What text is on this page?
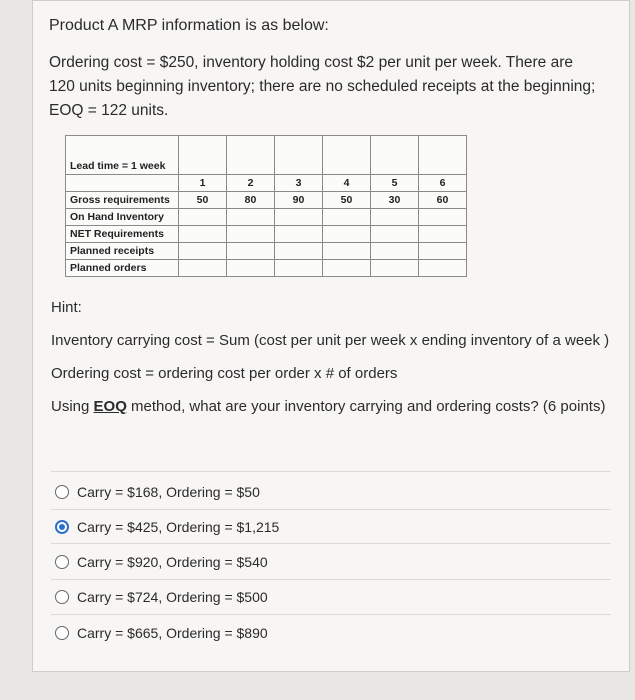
Product A MRP information is as below:
Ordering cost = $250, inventory holding cost $2 per unit per week. There are 120 units beginning inventory; there are no scheduled receipts at the beginning; EOQ = 122 units.
Lead time = 1 week						
	1	2	3	4	5	6
Gross requirements	50	80	90	50	30	60
On Hand Inventory						
NET Requirements						
Planned receipts						
Planned orders						
Hint:
Inventory carrying cost = Sum (cost per unit per week x ending inventory of a week )
Ordering cost = ordering cost per order x # of orders
Using EOQ method, what are your inventory carrying and ordering costs? (6 points)
Carry = $168, Ordering = $50
Carry = $425, Ordering = $1,215
Carry = $920, Ordering = $540
Carry = $724, Ordering = $500
Carry = $665, Ordering = $890
